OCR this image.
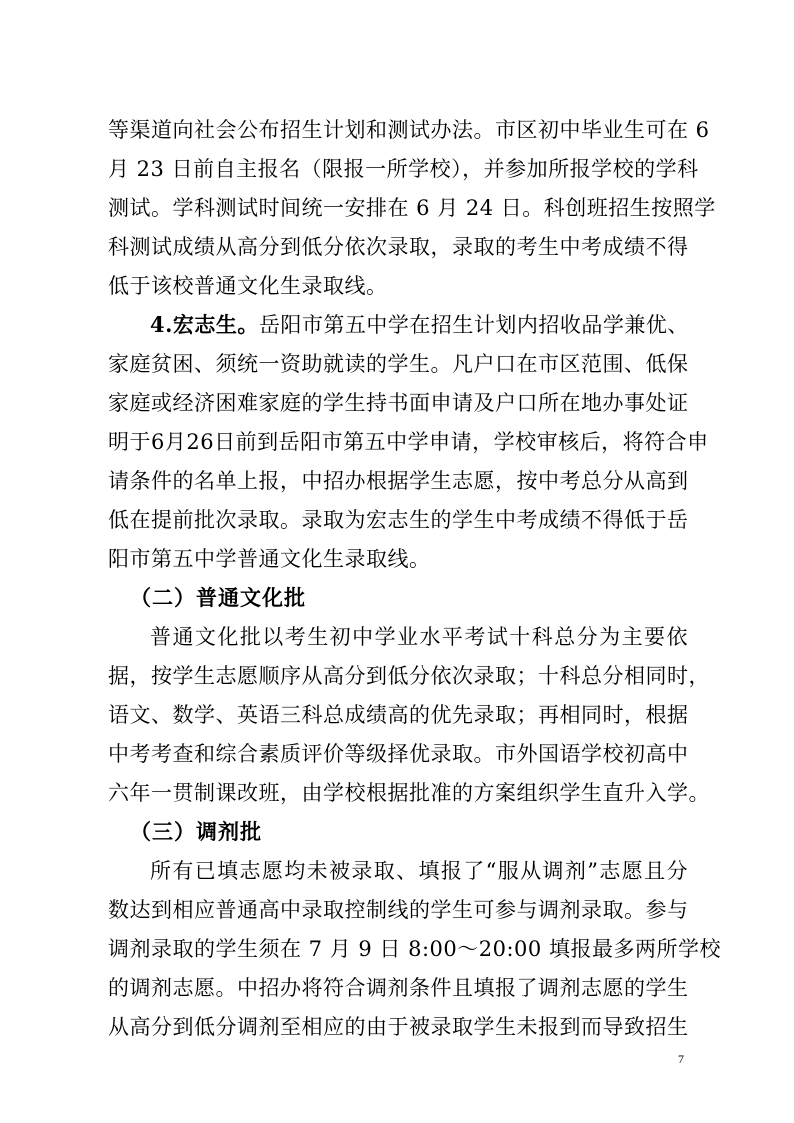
等渠道向社会公布招生计划和测试办法。市区初中毕业生可在 6
月 23 日前自主报名（限报一所学校），并参加所报学校的学科
测试。学科测试时间统一安排在 6 月 24 日。科创班招生按照学
科测试成绩从高分到低分依次录取，录取的考生中考成绩不得
低于该校普通文化生录取线。
4.宏志生。岳阳市第五中学在招生计划内招收品学兼优、
家庭贫困、须统一资助就读的学生。凡户口在市区范围、低保
家庭或经济困难家庭的学生持书面申请及户口所在地办事处证
明于6月26日前到岳阳市第五中学申请，学校审核后，将符合申
请条件的名单上报，中招办根据学生志愿，按中考总分从高到
低在提前批次录取。录取为宏志生的学生中考成绩不得低于岳
阳市第五中学普通文化生录取线。
（二）普通文化批
普通文化批以考生初中学业水平考试十科总分为主要依
据，按学生志愿顺序从高分到低分依次录取；十科总分相同时，
语文、数学、英语三科总成绩高的优先录取；再相同时，根据
中考考查和综合素质评价等级择优录取。市外国语学校初高中
六年一贯制课改班，由学校根据批准的方案组织学生直升入学。
（三）调剂批
所有已填志愿均未被录取、填报了“服从调剂”志愿且分
数达到相应普通高中录取控制线的学生可参与调剂录取。参与
调剂录取的学生须在 7 月 9 日 8:00～20:00 填报最多两所学校
的调剂志愿。中招办将符合调剂条件且填报了调剂志愿的学生
从高分到低分调剂至相应的由于被录取学生未报到而导致招生
7
